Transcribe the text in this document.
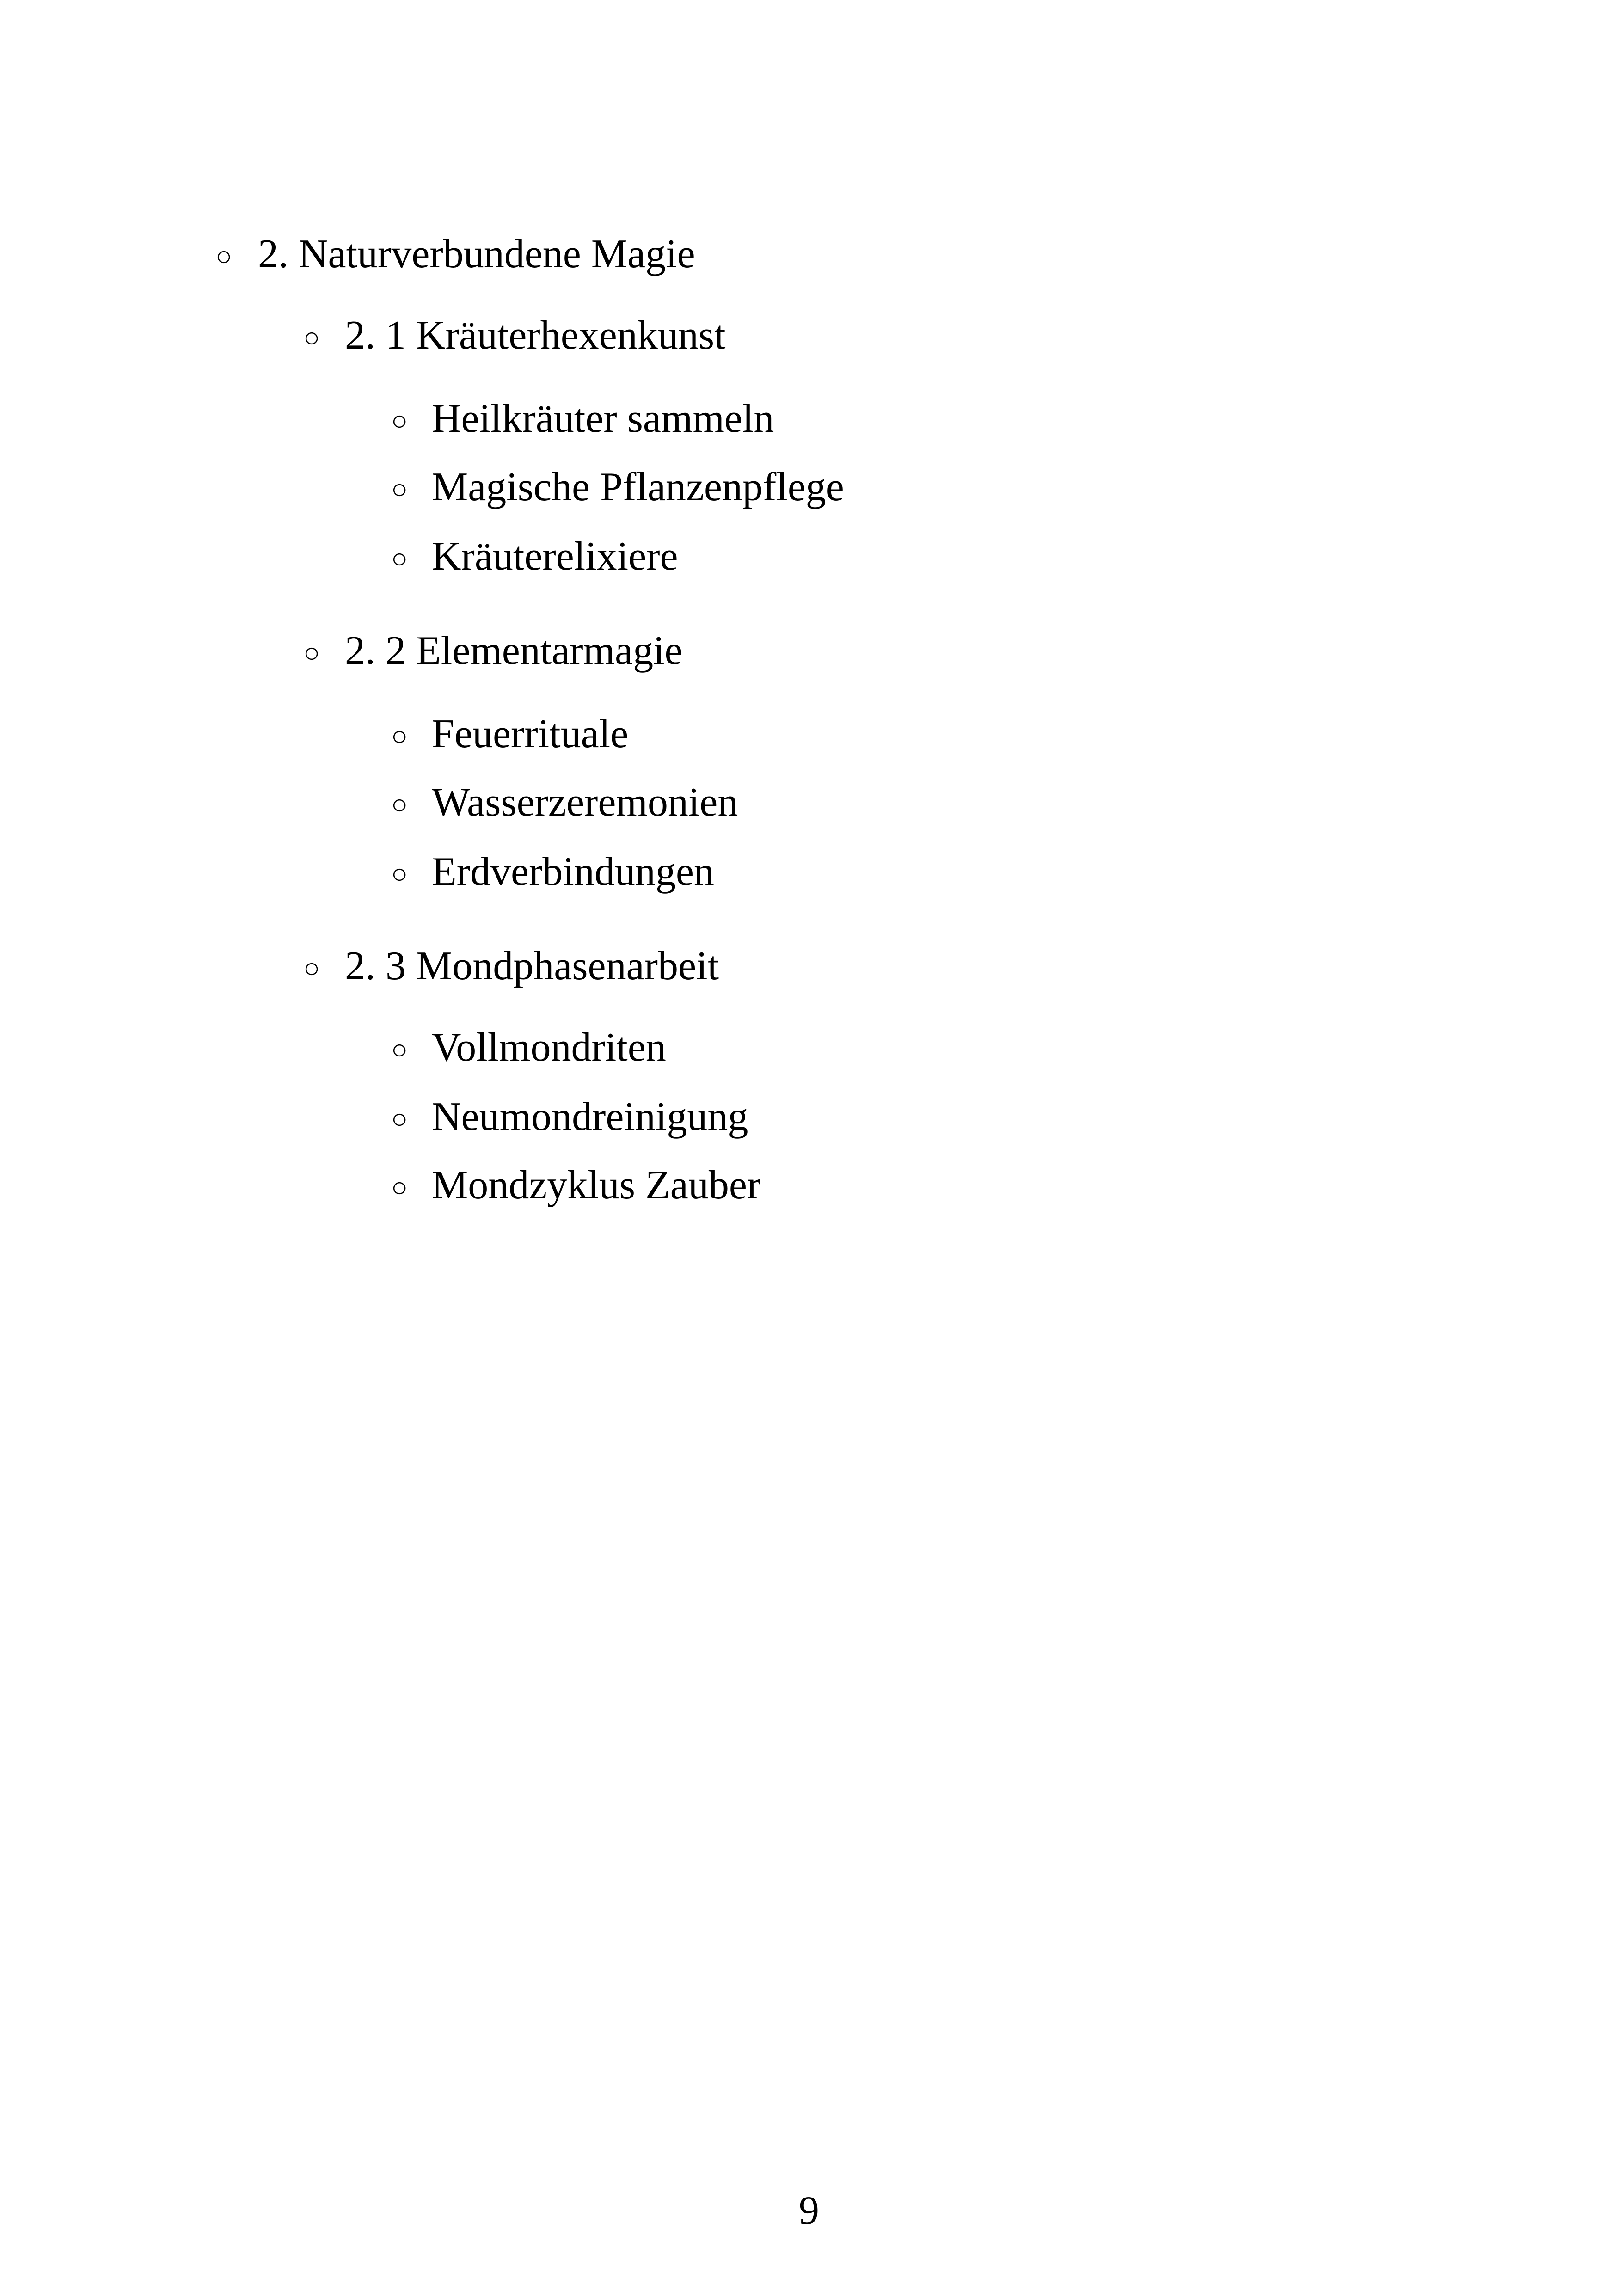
○ 2. Naturverbundene Magie
○ 2. 1 Kräuterhexenkunst
○ Heilkräuter sammeln
○ Magische Pflanzenpflege
○ Kräuterelixiere
○ 2. 2 Elementarmagie
○ Feuerrituale
○ Wasserzeremonien
○ Erdverbindungen
○ 2. 3 Mondphasenarbeit
○ Vollmondriten
○ Neumondreinigung
○ Mondzyklus Zauber
9
